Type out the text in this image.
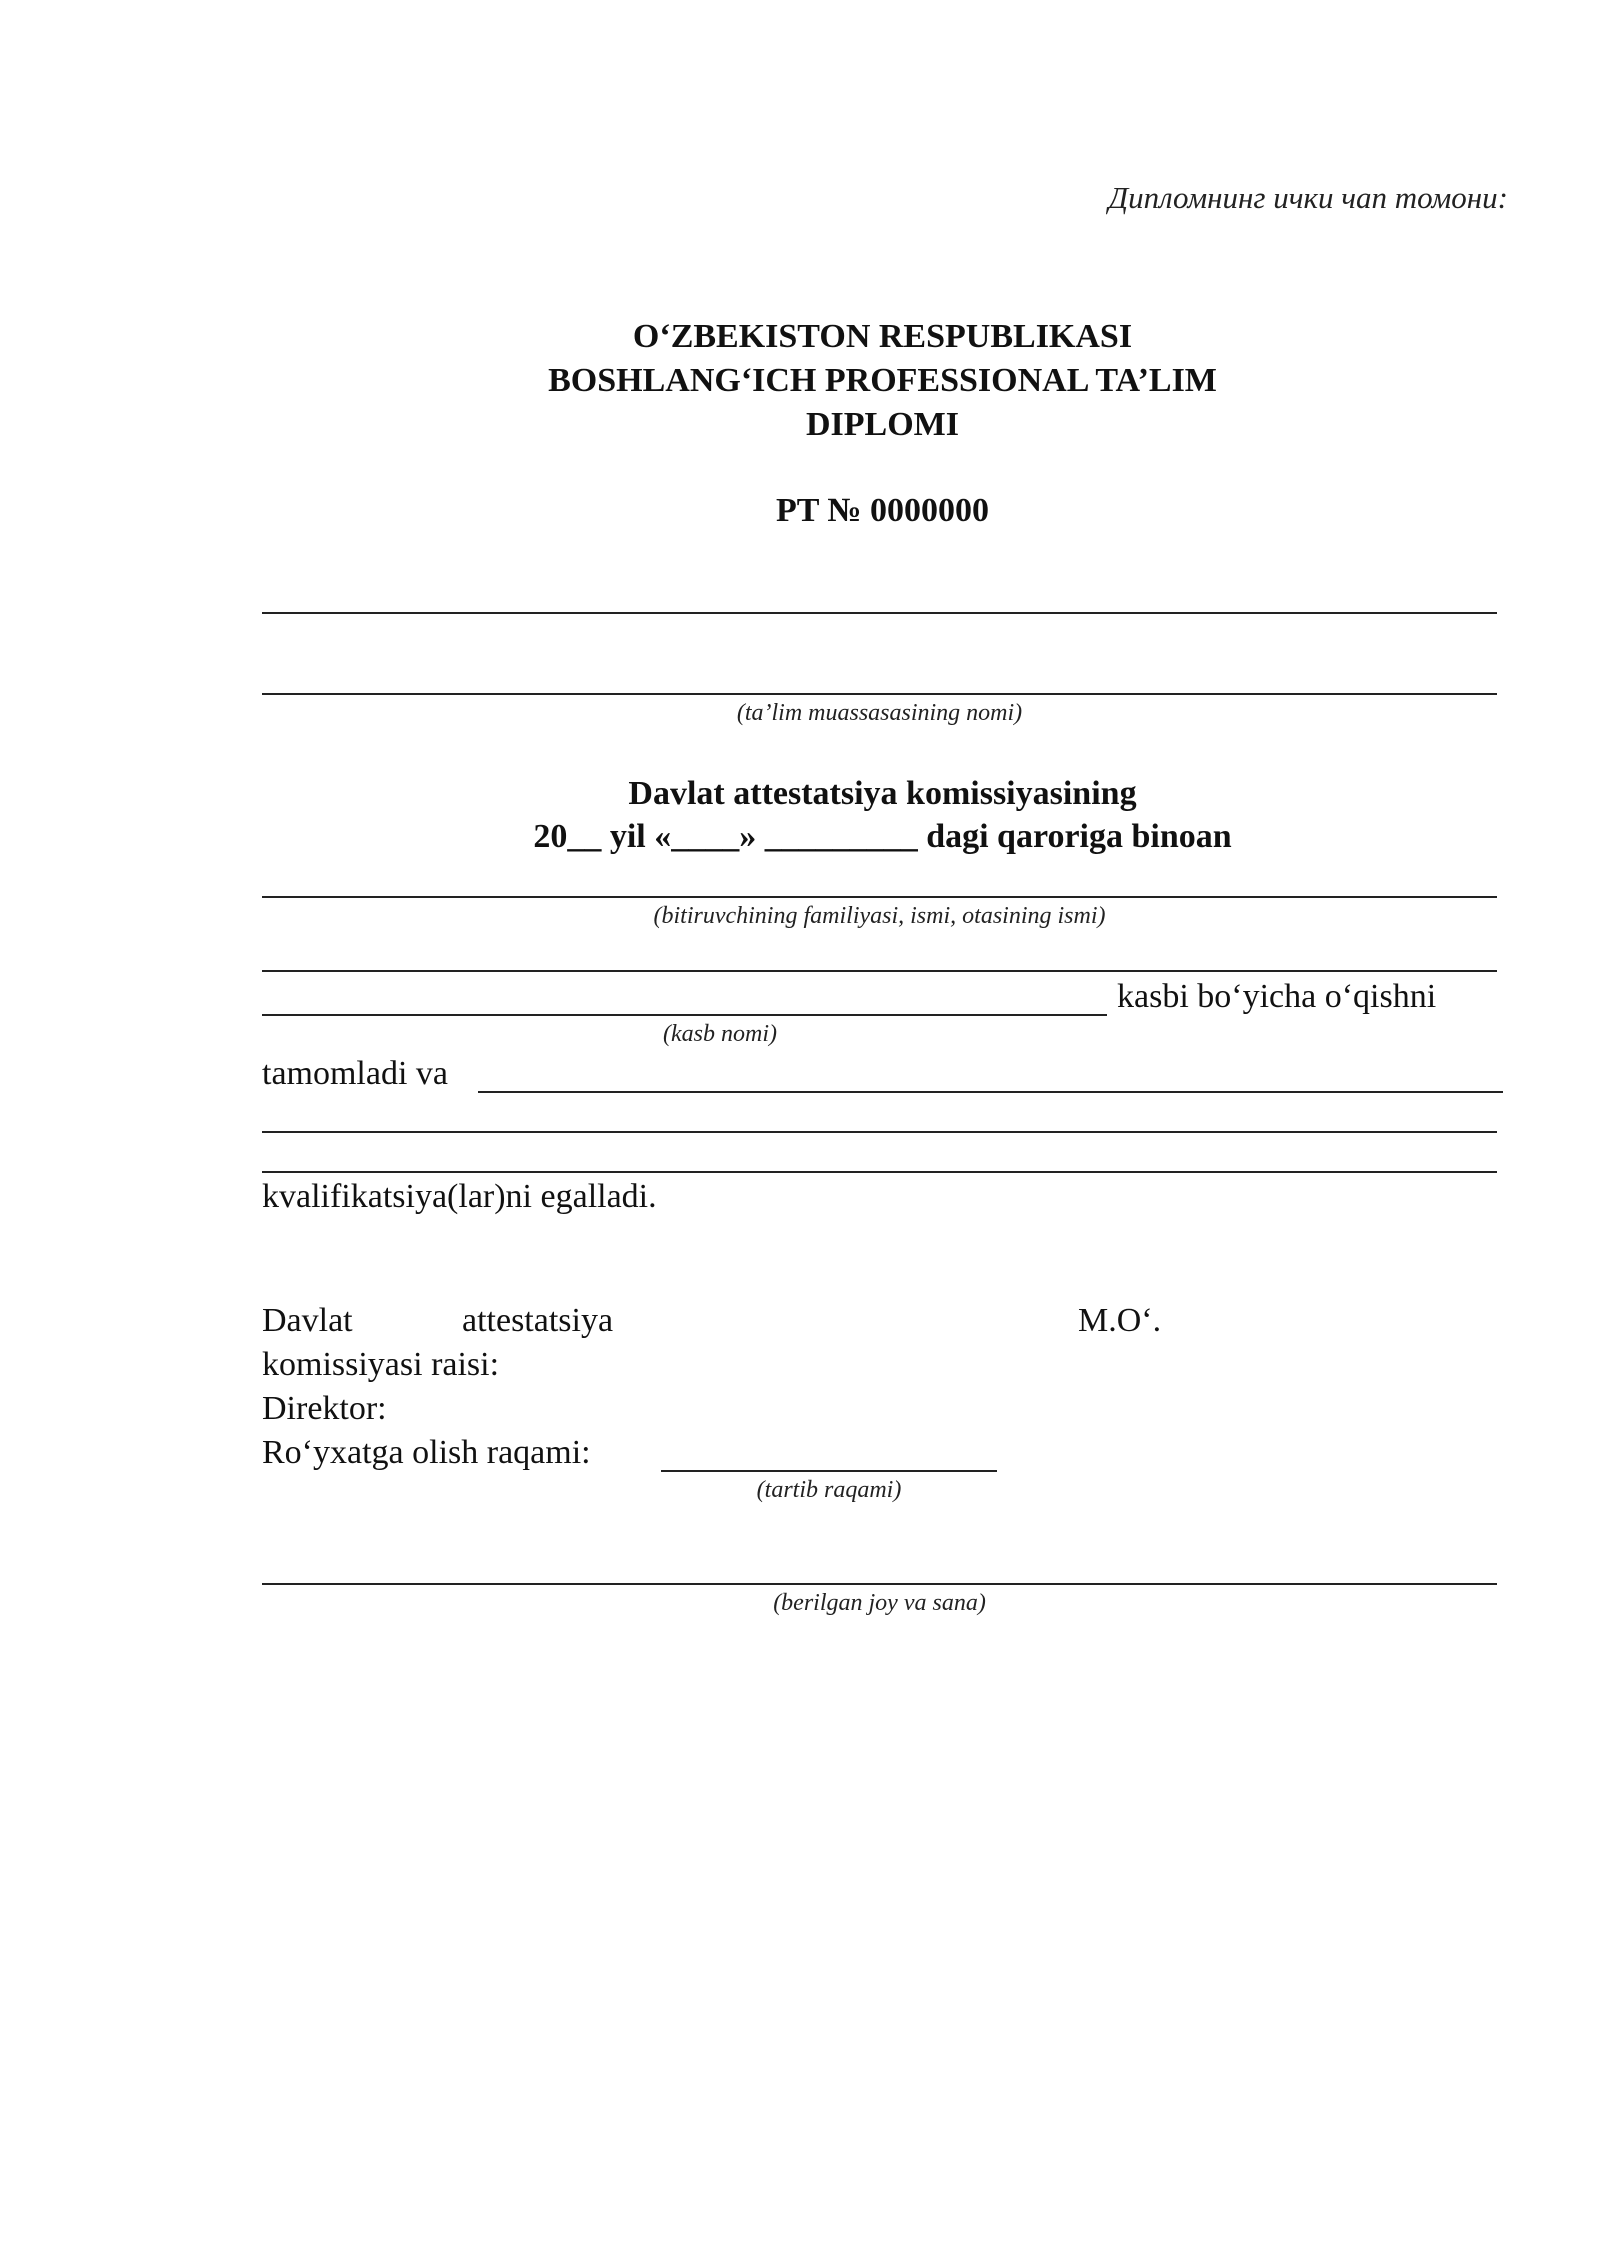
Дипломнинг ички чап томони:
O‘ZBEKISTON RESPUBLIKASI
BOSHLANG‘ICH PROFESSIONAL TA’LIM
DIPLOMI
PT № 0000000
(ta’lim muassasasining nomi)
Davlat attestatsiya komissiyasining
20__ yil «____» _________ dagi qaroriga binoan
(bitiruvchining familiyasi, ismi, otasining ismi)
kasbi bo‘yicha o‘qishni
(kasb nomi)
tamomladi va
kvalifikatsiya(lar)ni egalladi.
Davlat	attestatsiya	M.O‘.
komissiyasi raisi:
Direktor:
Ro‘yxatga olish raqami:
(tartib raqami)
(berilgan joy va sana)
